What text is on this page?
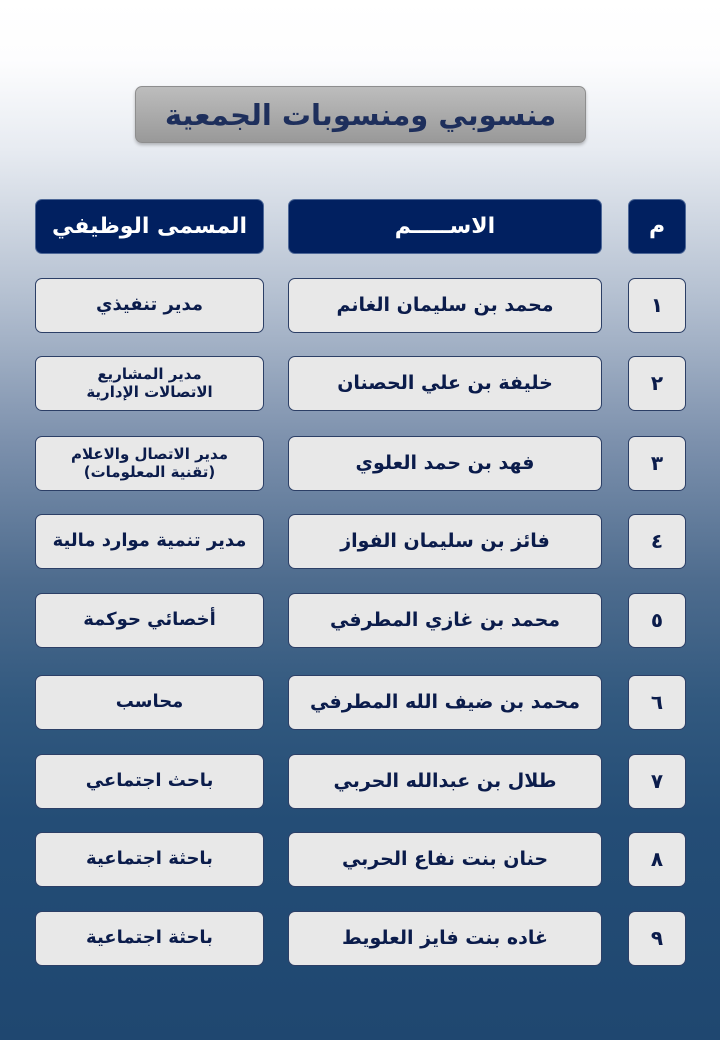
منسوبي ومنسوبات الجمعية
م
الاســـــم
المسمى الوظيفي
١
محمد بن سليمان الغانم
مدير تنفيذي
٢
خليفة بن علي الحصنان
مدير المشاريع
الاتصالات الإدارية
٣
فهد بن حمد العلوي
مدير الاتصال والاعلام
(تقنية المعلومات)
٤
فائز بن سليمان الفواز
مدير تنمية موارد مالية
٥
محمد بن غازي المطرفي
أخصائي حوكمة
٦
محمد بن ضيف الله المطرفي
محاسب
٧
طلال بن عبدالله الحربي
باحث اجتماعي
٨
حنان بنت نفاع الحربي
باحثة اجتماعية
٩
غاده بنت فايز العلويط
باحثة اجتماعية
